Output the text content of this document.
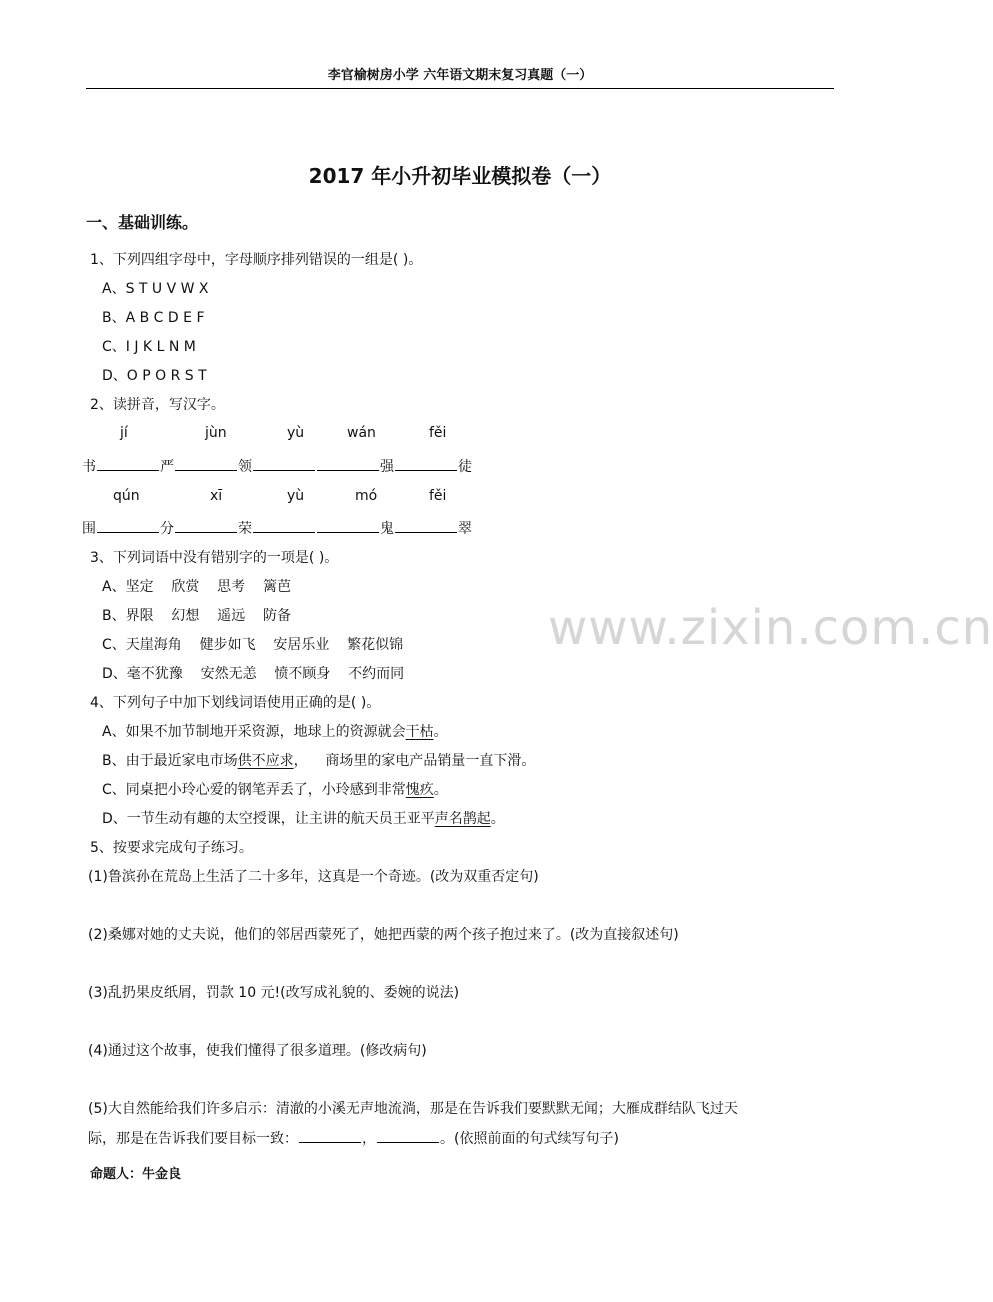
李官榆树房小学 六年语文期末复习真题（一）
2017 年小升初毕业模拟卷（一）
一、基础训练。
1、下列四组字母中，字母顺序排列错误的一组是( )。
A、S T U V W X
B、A B C D E F
C、I J K L N M
D、O P O R S T
2、读拼音，写汉字。
jí	jùn	yù	wán	fěi
书	严	领	强	徒
qún	xī	yù	mó	fěi
围	分	荣	鬼	翠
3、下列词语中没有错别字的一项是( )。
A、坚定    欣赏    思考    篱芭
B、界限    幻想    遥远    防备
C、天崖海角    健步如飞    安居乐业    繁花似锦
D、毫不犹豫    安然无恙    愤不顾身    不约而同
www.zixin.com.cn
4、下列句子中加下划线词语使用正确的是( )。
A、如果不加节制地开采资源，地球上的资源就会干枯。
B、由于最近家电市场供不应求，    商场里的家电产品销量一直下滑。
C、同桌把小玲心爱的钢笔弄丢了，小玲感到非常愧疚。
D、一节生动有趣的太空授课，让主讲的航天员王亚平声名鹊起。
5、按要求完成句子练习。
(1)鲁滨孙在荒岛上生活了二十多年，这真是一个奇迹。(改为双重否定句)
(2)桑娜对她的丈夫说，他们的邻居西蒙死了，她把西蒙的两个孩子抱过来了。(改为直接叙述句)
(3)乱扔果皮纸屑，罚款 10 元!(改写成礼貌的、委婉的说法)
(4)通过这个故事，使我们懂得了很多道理。(修改病句)
(5)大自然能给我们许多启示：清澈的小溪无声地流淌，那是在告诉我们要默默无闻；大雁成群结队飞过天
际，那是在告诉我们要目标一致：	，	。(依照前面的句式续写句子)
命题人：牛金良
